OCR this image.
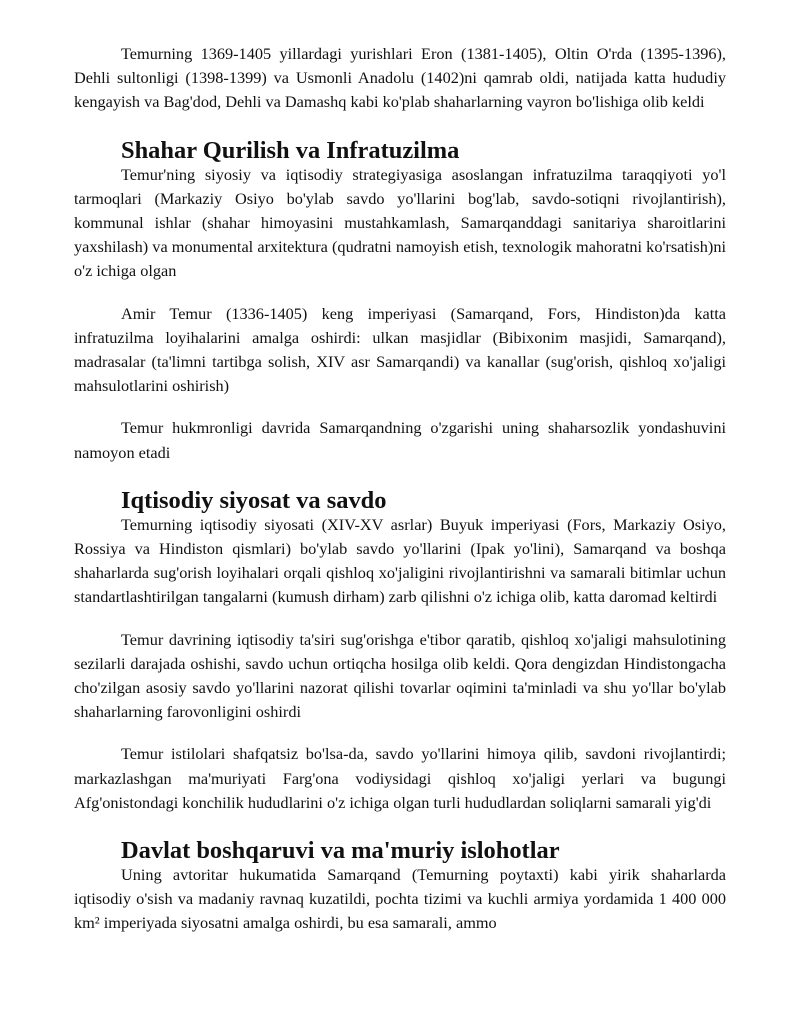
Temurning 1369-1405 yillardagi yurishlari Eron (1381-1405), Oltin O'rda (1395-1396), Dehli sultonligi (1398-1399) va Usmonli Anadolu (1402)ni qamrab oldi, natijada katta hududiy kengayish va Bag'dod, Dehli va Damashq kabi ko'plab shaharlarning vayron bo'lishiga olib keldi

Shahar Qurilish va Infratuzilma

Temur'ning siyosiy va iqtisodiy strategiyasiga asoslangan infratuzilma taraqqiyoti yo'l tarmoqlari (Markaziy Osiyo bo'ylab savdo yo'llarini bog'lab, savdo-sotiqni rivojlantirish), kommunal ishlar (shahar himoyasini mustahkamlash, Samarqanddagi sanitariya sharoitlarini yaxshilash) va monumental arxitektura (qudratni namoyish etish, texnologik mahoratni ko'rsatish)ni o'z ichiga olgan

Amir Temur (1336-1405) keng imperiyasi (Samarqand, Fors, Hindiston)da katta infratuzilma loyihalarini amalga oshirdi: ulkan masjidlar (Bibixonim masjidi, Samarqand), madrasalar (ta'limni tartibga solish, XIV asr Samarqandi) va kanallar (sug'orish, qishloq xo'jaligi mahsulotlarini oshirish)

Temur hukmronligi davrida Samarqandning o'zgarishi uning shaharsozlik yondashuvini namoyon etadi

Iqtisodiy siyosat va savdo

Temurning iqtisodiy siyosati (XIV-XV asrlar) Buyuk imperiyasi (Fors, Markaziy Osiyo, Rossiya va Hindiston qismlari) bo'ylab savdo yo'llarini (Ipak yo'lini), Samarqand va boshqa shaharlarda sug'orish loyihalari orqali qishloq xo'jaligini rivojlantirishni va samarali bitimlar uchun standartlashtirilgan tangalarni (kumush dirham) zarb qilishni o'z ichiga olib, katta daromad keltirdi

Temur davrining iqtisodiy ta'siri sug'orishga e'tibor qaratib, qishloq xo'jaligi mahsulotining sezilarli darajada oshishi, savdo uchun ortiqcha hosilga olib keldi. Qora dengizdan Hindistongacha cho'zilgan asosiy savdo yo'llarini nazorat qilishi tovarlar oqimini ta'minladi va shu yo'llar bo'ylab shaharlarning farovonligini oshirdi

Temur istilolari shafqatsiz bo'lsa-da, savdo yo'llarini himoya qilib, savdoni rivojlantirdi; markazlashgan ma'muriyati Farg'ona vodiysidagi qishloq xo'jaligi yerlari va bugungi Afg'onistondagi konchilik hududlarini o'z ichiga olgan turli hududlardan soliqlarni samarali yig'di

Davlat boshqaruvi va ma'muriy islohotlar

Uning avtoritar hukumatida Samarqand (Temurning poytaxti) kabi yirik shaharlarda iqtisodiy o'sish va madaniy ravnaq kuzatildi, pochta tizimi va kuchli armiya yordamida 1 400 000 km² imperiyada siyosatni amalga oshirdi, bu esa samarali, ammo
